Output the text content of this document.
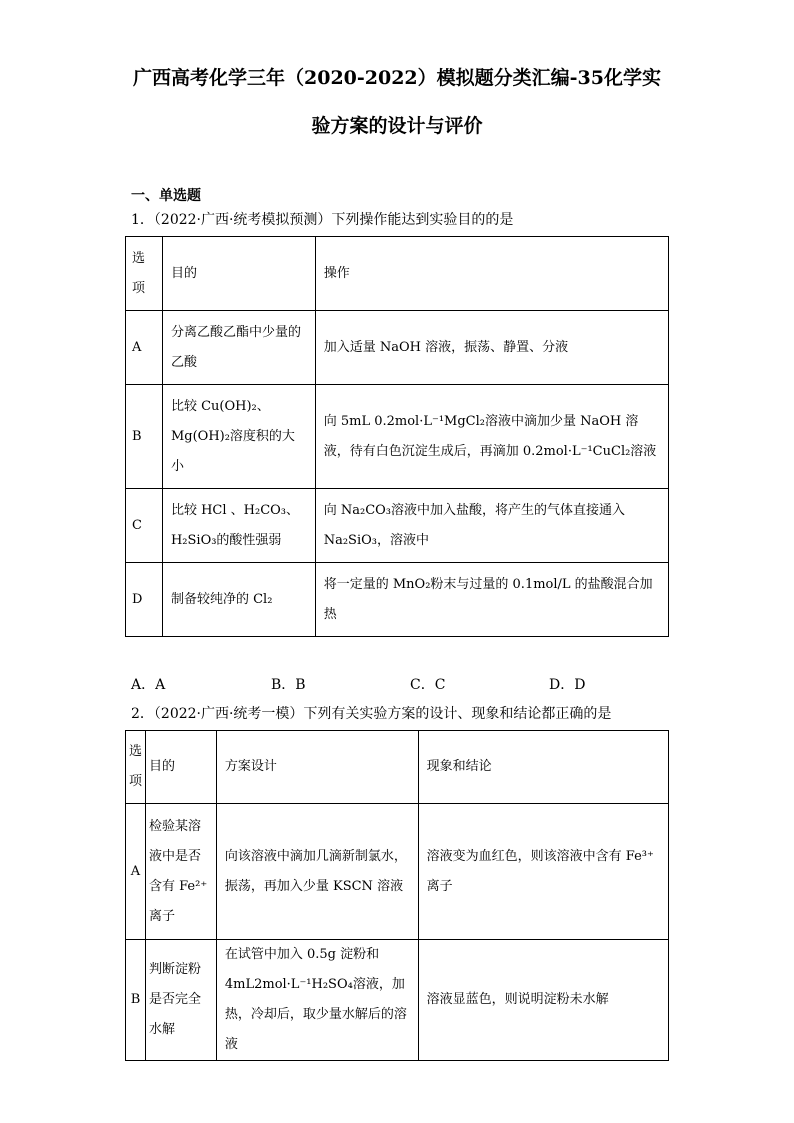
广西高考化学三年（2020-2022）模拟题分类汇编-35化学实
验方案的设计与评价
一、单选题
1．（2022·广西·统考模拟预测）下列操作能达到实验目的的是
选项	目的	操作
A	分离乙酸乙酯中少量的乙酸	加入适量 NaOH 溶液，振荡、静置、分液
B	比较 Cu(OH)₂、Mg(OH)₂溶度积的大小	向 5mL 0.2mol·L⁻¹MgCl₂溶液中滴加少量 NaOH 溶液，待有白色沉淀生成后，再滴加 0.2mol·L⁻¹CuCl₂溶液
C	比较 HCl 、H₂CO₃、H₂SiO₃的酸性强弱	向 Na₂CO₃溶液中加入盐酸，将产生的气体直接通入 Na₂SiO₃，溶液中
D	制备较纯净的 Cl₂	将一定量的 MnO₂粉末与过量的 0.1mol/L 的盐酸混合加热
A．A	B．B	C．C	D．D
2．（2022·广西·统考一模）下列有关实验方案的设计、现象和结论都正确的是
选项	目的	方案设计	现象和结论
A	检验某溶液中是否含有 Fe²⁺离子	向该溶液中滴加几滴新制氯水，振荡，再加入少量 KSCN 溶液	溶液变为血红色，则该溶液中含有 Fe³⁺离子
B	判断淀粉是否完全水解	在试管中加入 0.5g 淀粉和 4mL2mol·L⁻¹H₂SO₄溶液，加热，冷却后，取少量水解后的溶液	溶液显蓝色，则说明淀粉未水解
